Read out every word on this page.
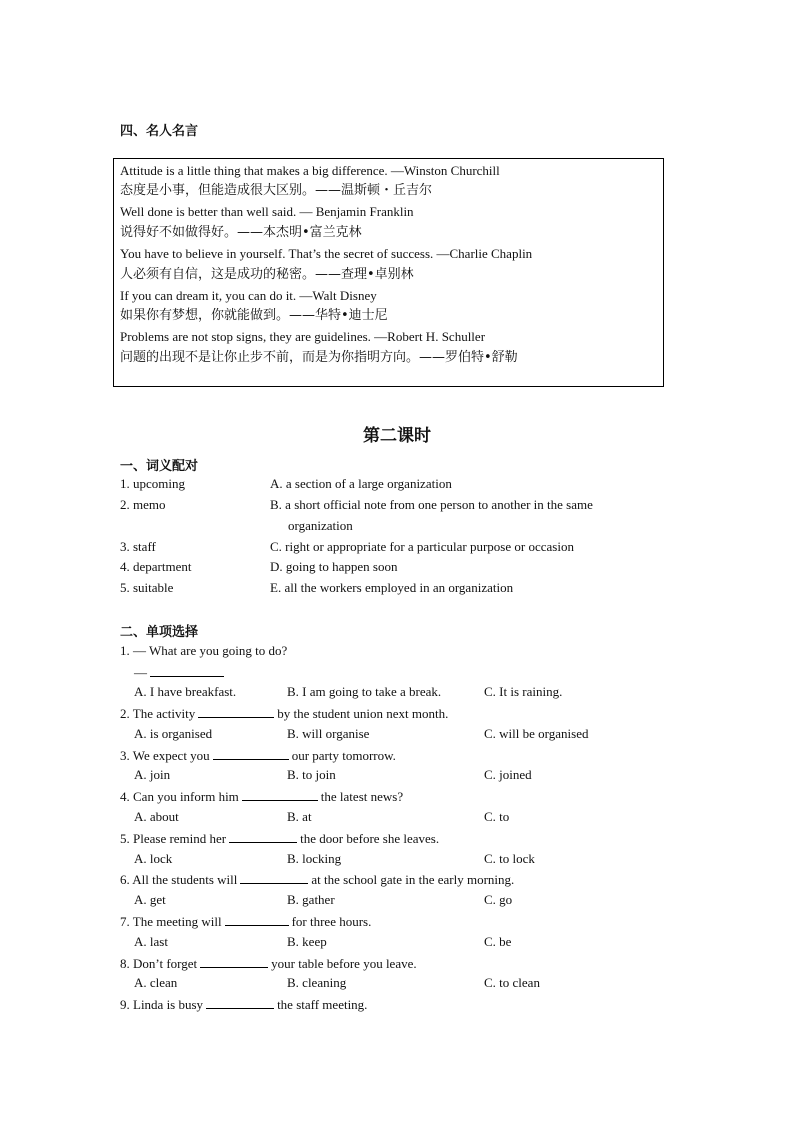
四、名人名言
Attitude is a little thing that makes a big difference. —Winston Churchill
态度是小事，但能造成很大区别。——温斯顿・丘吉尔
Well done is better than well said. — Benjamin Franklin
说得好不如做得好。——本杰明•富兰克林
You have to believe in yourself. That’s the secret of success. —Charlie Chaplin
人必须有自信，这是成功的秘密。——查理•卓别林
If you can dream it, you can do it. —Walt Disney
如果你有梦想，你就能做到。——华特•迪士尼
Problems are not stop signs, they are guidelines. —Robert H. Schuller
问题的出现不是让你止步不前，而是为你指明方向。——罗伯特•舒勒
第二课时
一、词义配对
1. upcoming	A. a section of a large organization
2. memo	B. a short official note from one person to another in the same
organization
3. staff	C. right or appropriate for a particular purpose or occasion
4. department	D. going to happen soon
5. suitable	E. all the workers employed in an organization
二、单项选择
1. — What are you going to do?
—
A. I have breakfast.	B. I am going to take a break.	C. It is raining.
2. The activity	by the student union next month.
A. is organised	B. will organise	C. will be organised
3. We expect you	our party tomorrow.
A. join	B. to join	C. joined
4. Can you inform him	the latest news?
A. about	B. at	C. to
5. Please remind her	the door before she leaves.
A. lock	B. locking	C. to lock
6. All the students will	at the school gate in the early morning.
A. get	B. gather	C. go
7. The meeting will	for three hours.
A. last	B. keep	C. be
8. Don’t forget	your table before you leave.
A. clean	B. cleaning	C. to clean
9. Linda is busy	the staff meeting.
